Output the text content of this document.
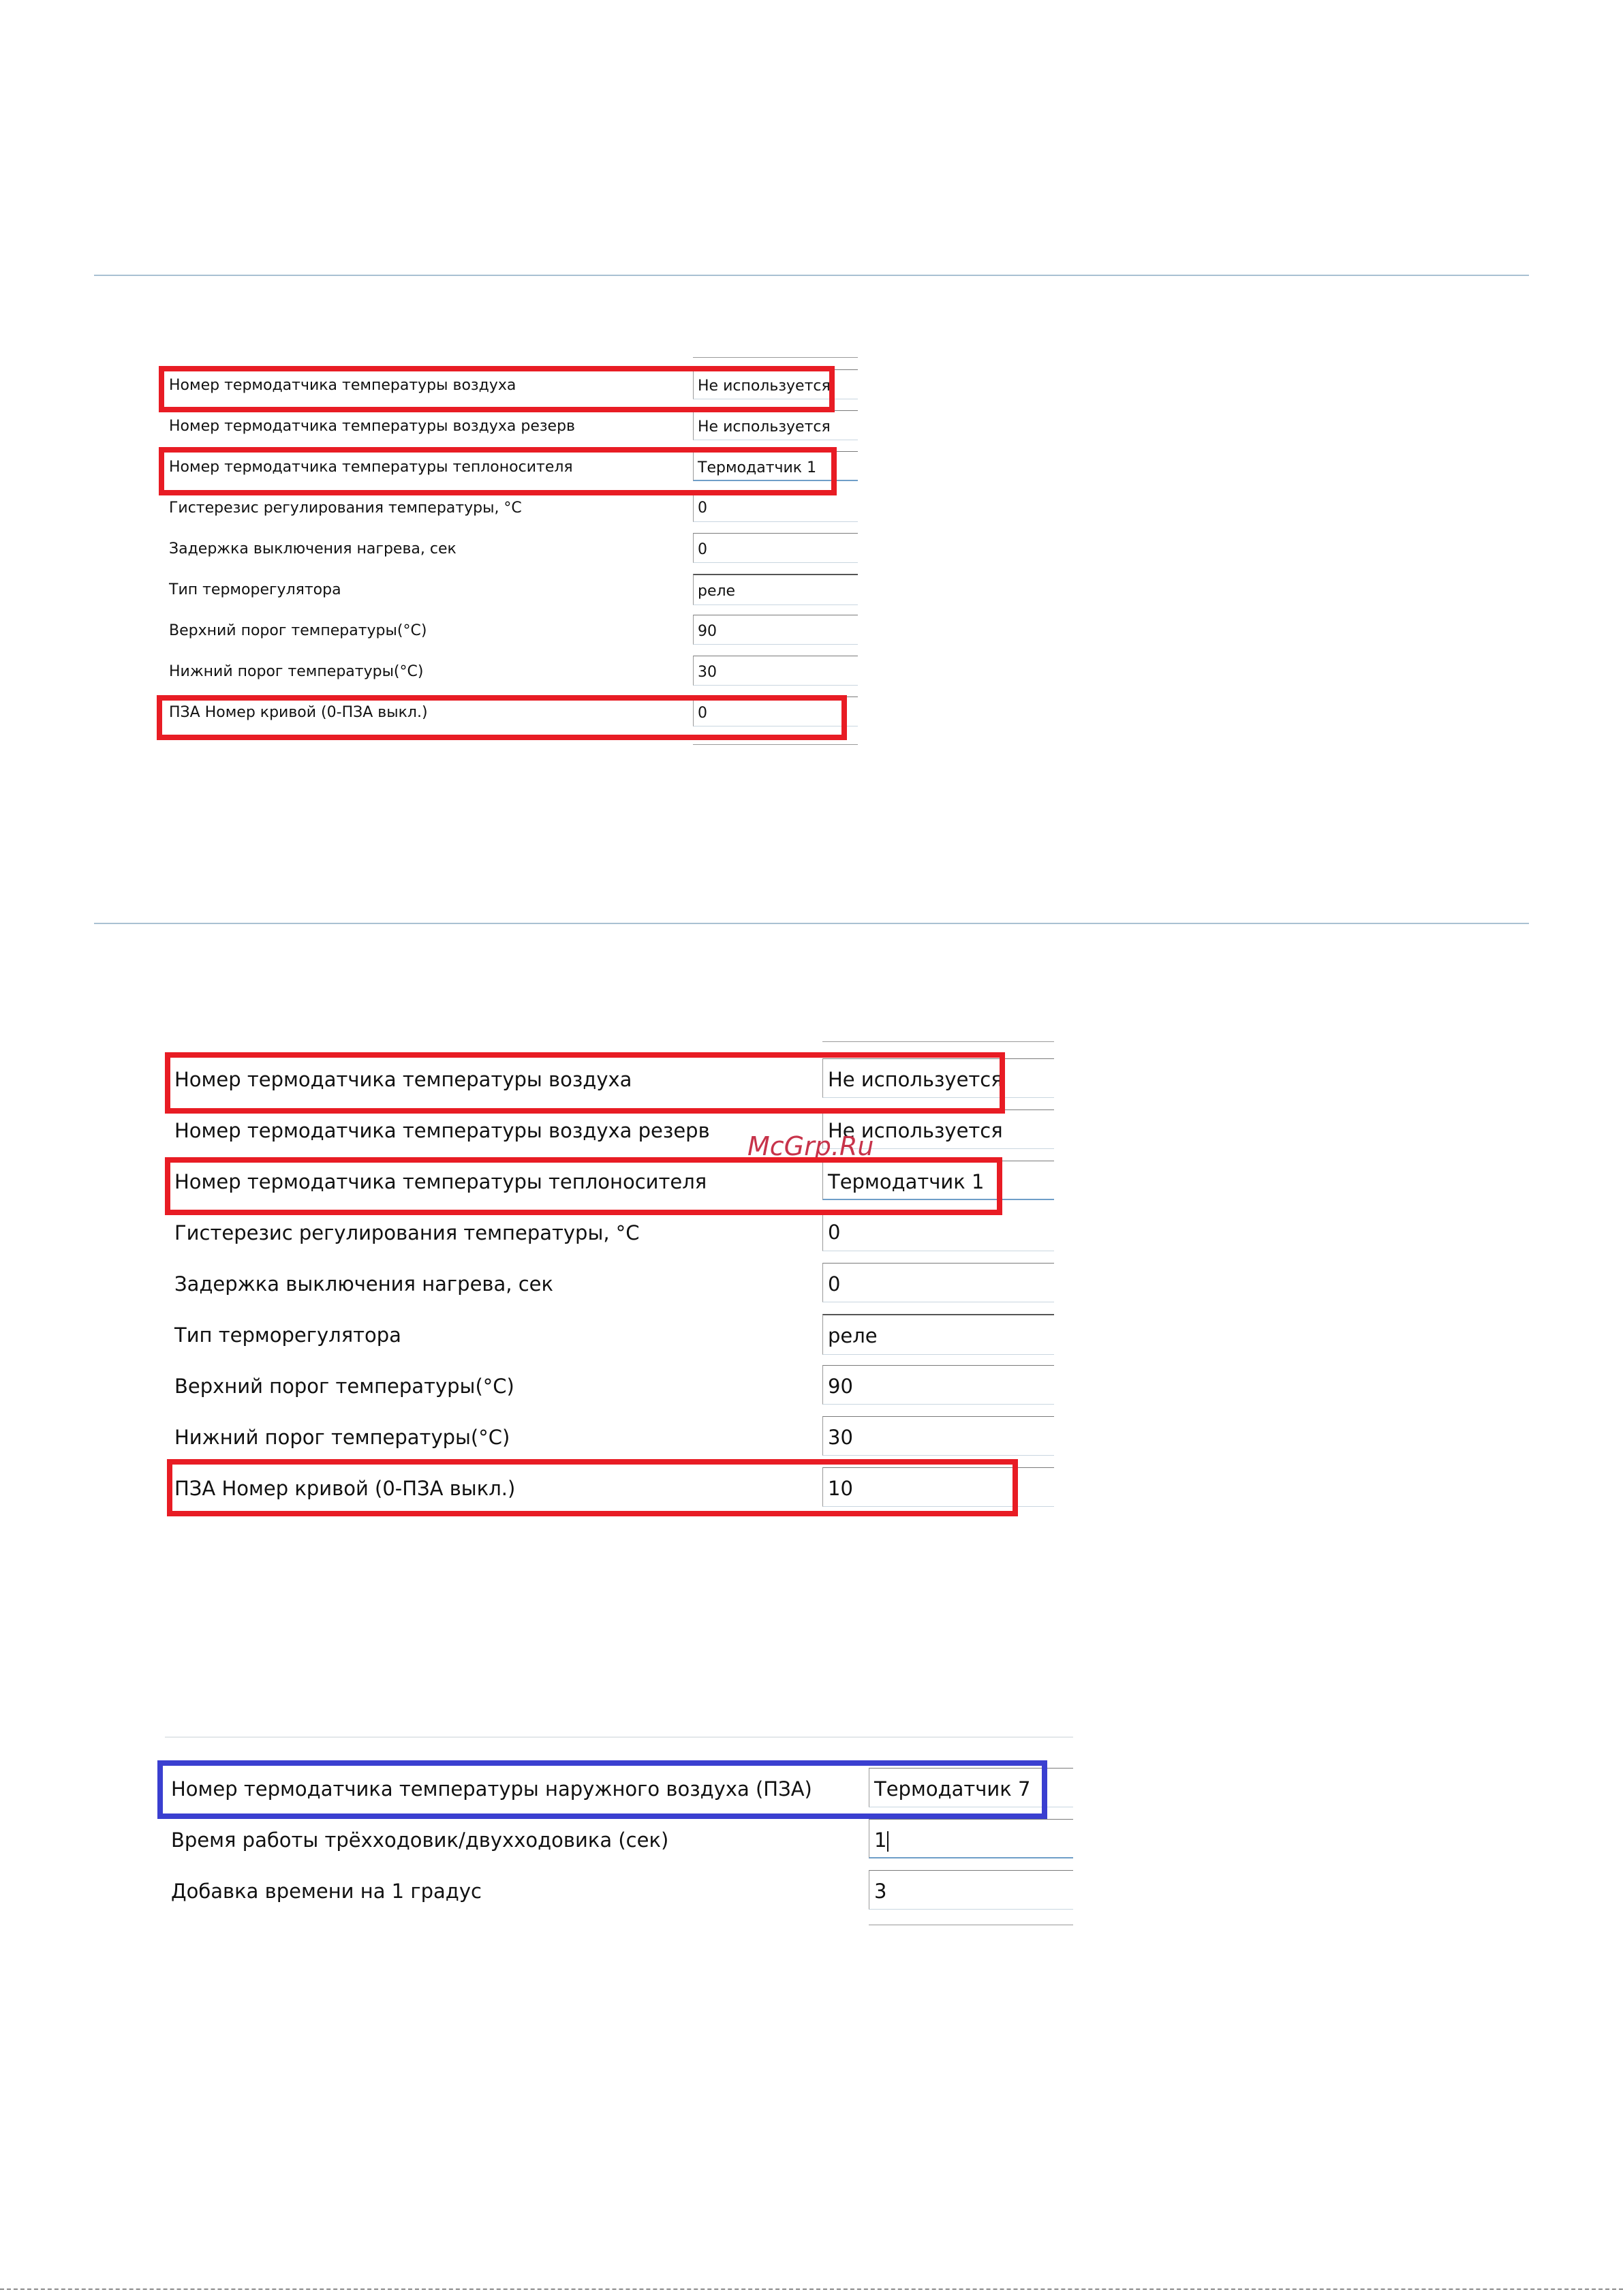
Номер термодатчика температуры воздуха	Не используется
Номер термодатчика температуры воздуха резерв	Не используется
Номер термодатчика температуры теплоносителя	Термодатчик 1
Гистерезис регулирования температуры, °C	0
Задержка выключения нагрева, сек	0
Тип терморегулятора	реле
Верхний порог температуры(°C)	90
Нижний порог температуры(°C)	30
ПЗА Номер кривой (0-ПЗА выкл.)	0
Номер термодатчика температуры воздуха	Не используется
Номер термодатчика температуры воздуха резерв	Не используется
Номер термодатчика температуры теплоносителя	Термодатчик 1
Гистерезис регулирования температуры, °C	0
Задержка выключения нагрева, сек	0
Тип терморегулятора	реле
Верхний порог температуры(°C)	90
Нижний порог температуры(°C)	30
ПЗА Номер кривой (0-ПЗА выкл.)	10
McGrp.Ru
Номер термодатчика температуры наружного воздуха (ПЗА)	Термодатчик 7
Время работы трёхходовик/двухходовика (сек)	1
Добавка времени на 1 градус	3
